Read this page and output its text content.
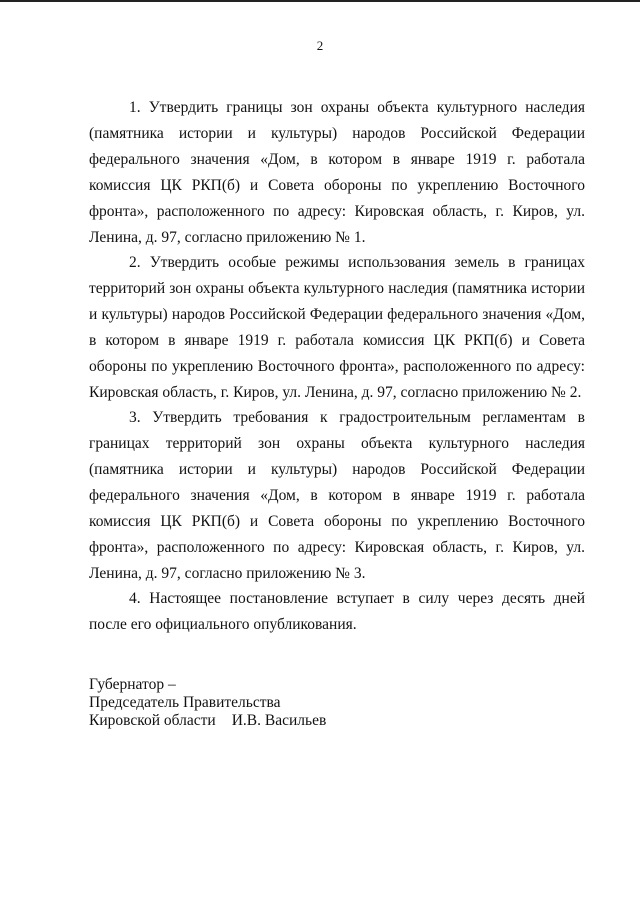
2

1. Утвердить границы зон охраны объекта культурного наследия (памятника истории и культуры) народов Российской Федерации федерального значения «Дом, в котором в январе 1919 г. работала комиссия ЦК РКП(б) и Совета обороны по укреплению Восточного фронта», расположенного по адресу: Кировская область, г. Киров, ул. Ленина, д. 97, согласно приложению № 1.

2. Утвердить особые режимы использования земель в границах территорий зон охраны объекта культурного наследия (памятника истории и культуры) народов Российской Федерации федерального значения «Дом, в котором в январе 1919 г. работала комиссия ЦК РКП(б) и Совета обороны по укреплению Восточного фронта», расположенного по адресу: Кировская область, г. Киров, ул. Ленина, д. 97, согласно приложению № 2.

3. Утвердить требования к градостроительным регламентам в границах территорий зон охраны объекта культурного наследия (памятника истории и культуры) народов Российской Федерации федерального значения «Дом, в котором в январе 1919 г. работала комиссия ЦК РКП(б) и Совета обороны по укреплению Восточного фронта», расположенного по адресу: Кировская область, г. Киров, ул. Ленина, д. 97, согласно приложению № 3.

4. Настоящее постановление вступает в силу через десять дней после его официального опубликования.

Губернатор –
Председатель Правительства
Кировской области И.В. Васильев
